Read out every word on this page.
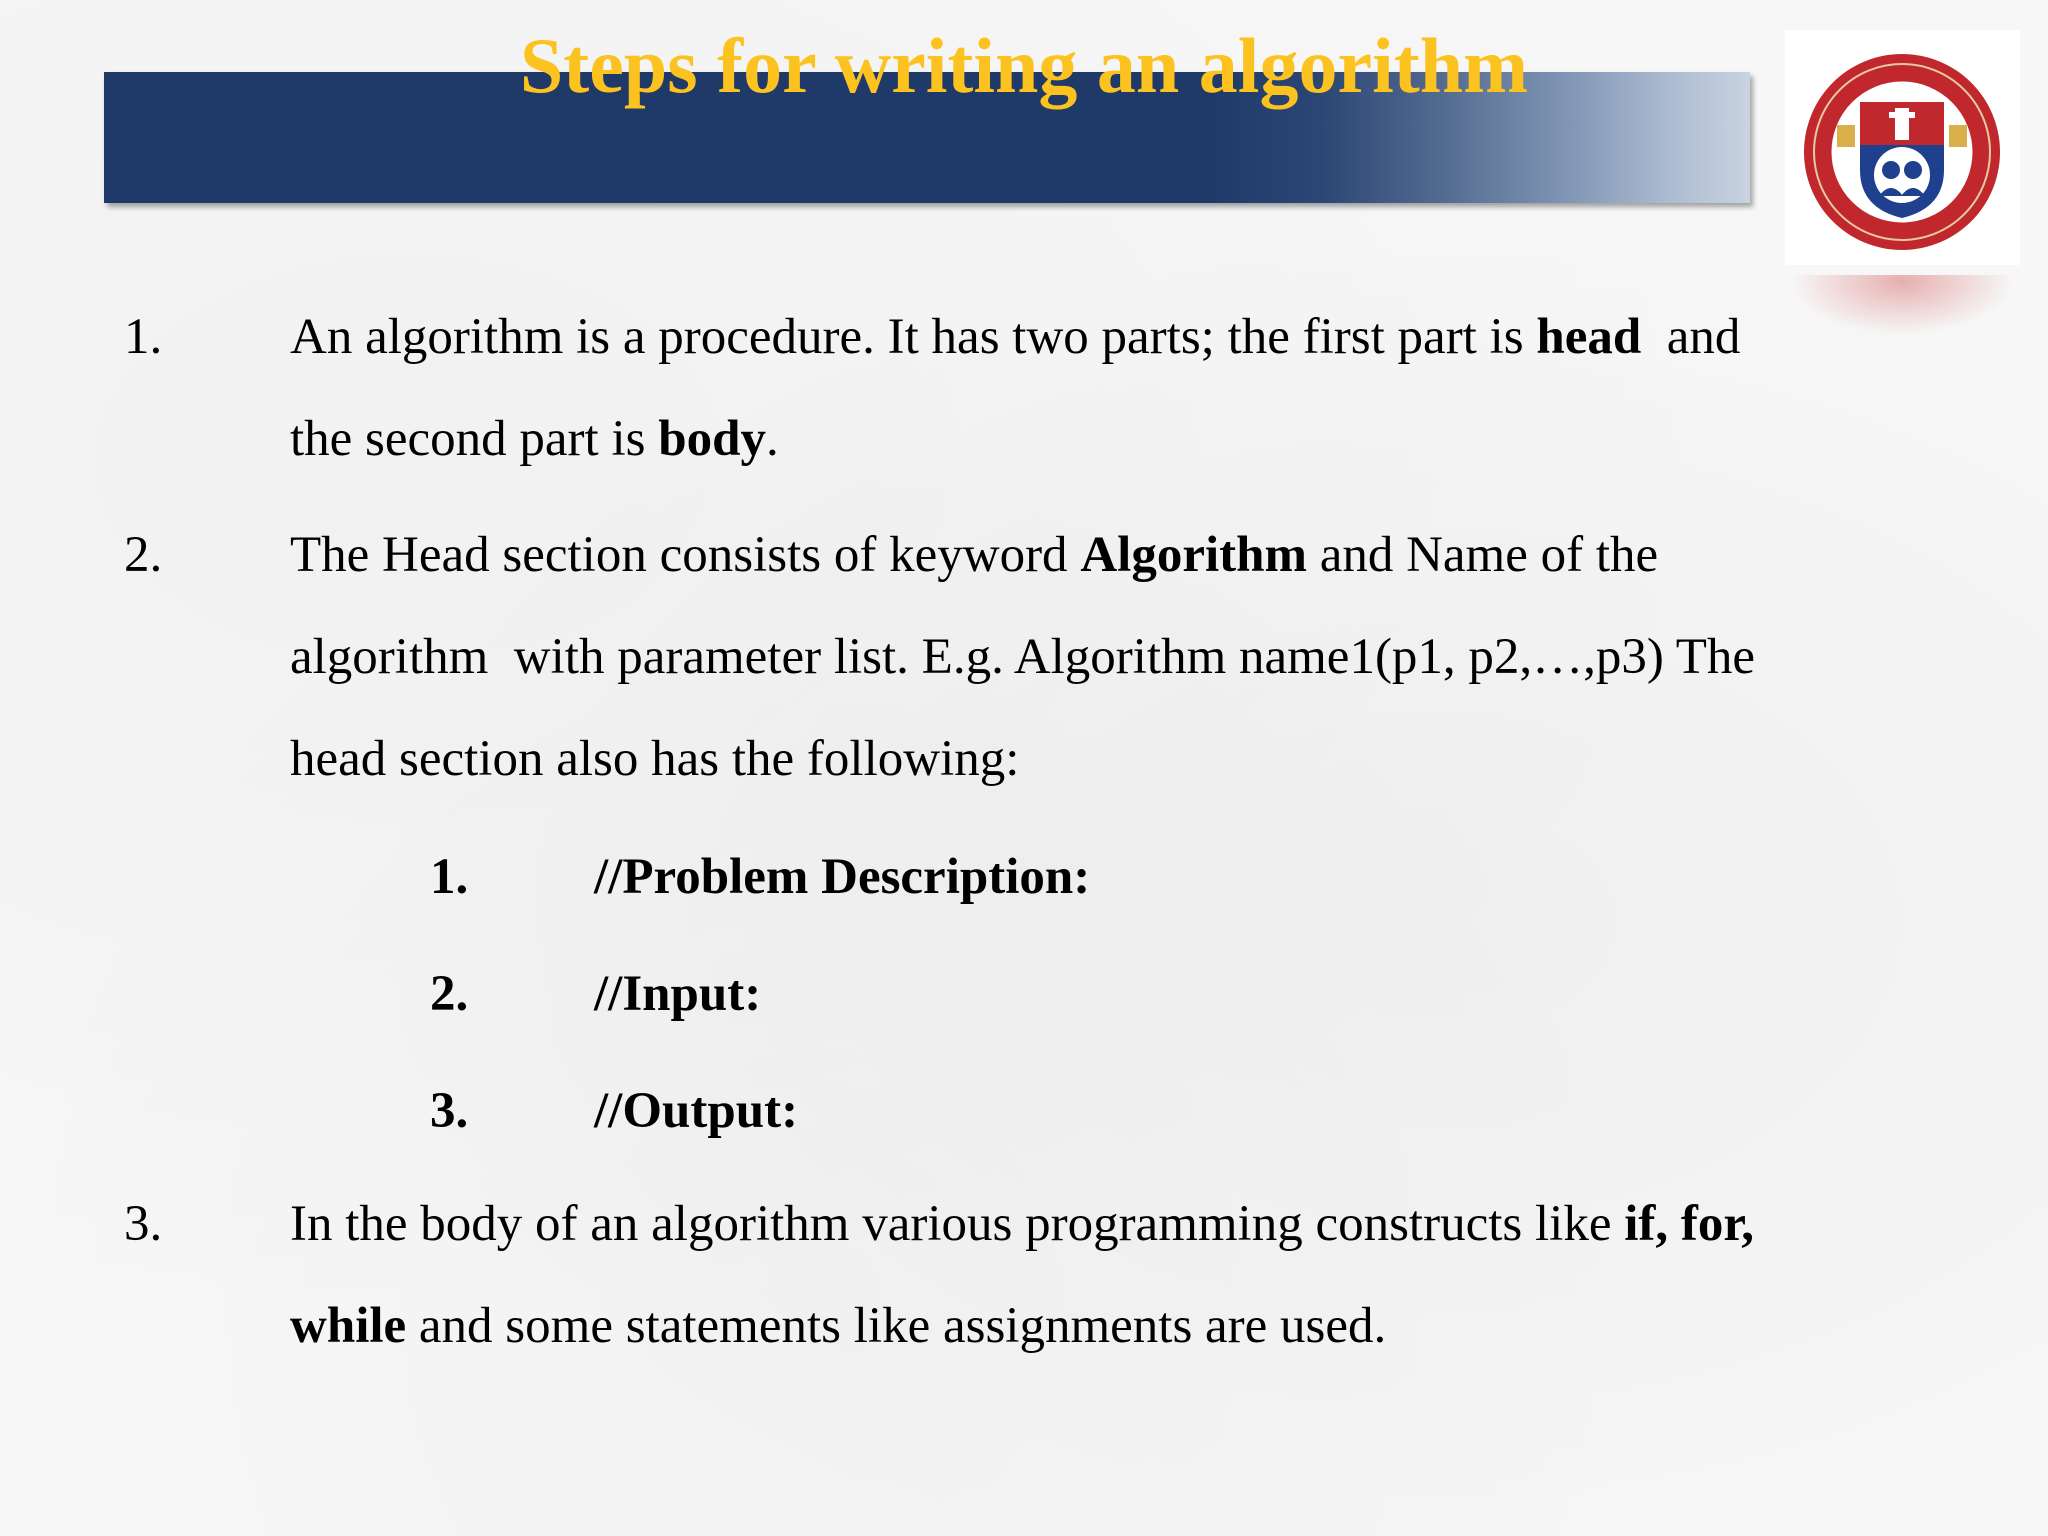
Steps for writing an algorithm
1.	An algorithm is a procedure. It has two parts; the first part is head  and
the second part is body.
2.	The Head section consists of keyword Algorithm and Name of the
algorithm  with parameter list. E.g. Algorithm name1(p1, p2,…,p3) The
head section also has the following:
1. //Problem Description:
2. //Input:
3. //Output:
3.	In the body of an algorithm various programming constructs like if, for,
while and some statements like assignments are used.
